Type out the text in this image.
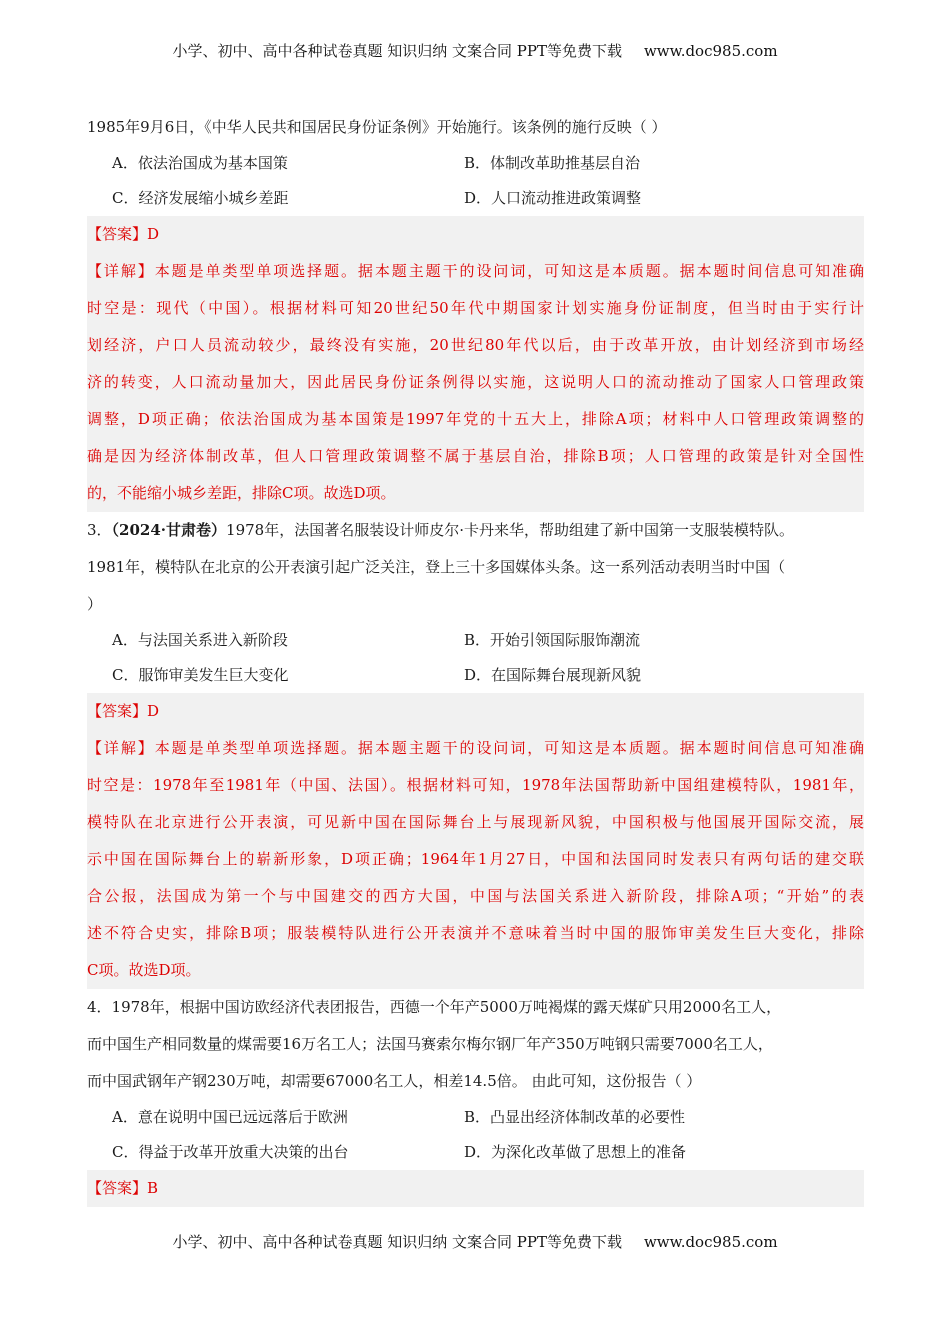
小学、初中、高中各种试卷真题 知识归纳 文案合同 PPT等免费下载 www.doc985.com
1985年9月6日，《中华人民共和国居民身份证条例》开始施行。该条例的施行反映（ ）
A．依法治国成为基本国策	B．体制改革助推基层自治
C．经济发展缩小城乡差距	D．人口流动推进政策调整
【答案】D
【详解】本题是单类型单项选择题。据本题主题干的设问词，可知这是本质题。据本题时间信息可知准确
时空是：现代（中国）。根据材料可知20世纪50年代中期国家计划实施身份证制度，但当时由于实行计
划经济，户口人员流动较少，最终没有实施，20世纪80年代以后，由于改革开放，由计划经济到市场经
济的转变，人口流动量加大，因此居民身份证条例得以实施，这说明人口的流动推动了国家人口管理政策
调整，D项正确；依法治国成为基本国策是1997年党的十五大上，排除A项；材料中人口管理政策调整的
确是因为经济体制改革，但人口管理政策调整不属于基层自治，排除B项；人口管理的政策是针对全国性
的，不能缩小城乡差距，排除C项。故选D项。
3．（2024·甘肃卷）1978年，法国著名服装设计师皮尔·卡丹来华，帮助组建了新中国第一支服装模特队。
1981年，模特队在北京的公开表演引起广泛关注，登上三十多国媒体头条。这一系列活动表明当时中国（
）
A．与法国关系进入新阶段	B．开始引领国际服饰潮流
C．服饰审美发生巨大变化	D．在国际舞台展现新风貌
【答案】D
【详解】本题是单类型单项选择题。据本题主题干的设问词，可知这是本质题。据本题时间信息可知准确
时空是：1978年至1981年（中国、法国）。根据材料可知，1978年法国帮助新中国组建模特队，1981年，
模特队在北京进行公开表演，可见新中国在国际舞台上与展现新风貌，中国积极与他国展开国际交流，展
示中国在国际舞台上的崭新形象，D项正确；1964年1月27日，中国和法国同时发表只有两句话的建交联
合公报，法国成为第一个与中国建交的西方大国，中国与法国关系进入新阶段，排除A项；“开始”的表
述不符合史实，排除B项；服装模特队进行公开表演并不意味着当时中国的服饰审美发生巨大变化，排除
C项。故选D项。
4．1978年，根据中国访欧经济代表团报告，西德一个年产5000万吨褐煤的露天煤矿只用2000名工人，
而中国生产相同数量的煤需要16万名工人；法国马赛索尔梅尔钢厂年产350万吨钢只需要7000名工人，
而中国武钢年产钢230万吨，却需要67000名工人，相差14.5倍。 由此可知，这份报告（ ）
A．意在说明中国已远远落后于欧洲	B．凸显出经济体制改革的必要性
C．得益于改革开放重大决策的出台	D．为深化改革做了思想上的准备
【答案】B
小学、初中、高中各种试卷真题 知识归纳 文案合同 PPT等免费下载 www.doc985.com
